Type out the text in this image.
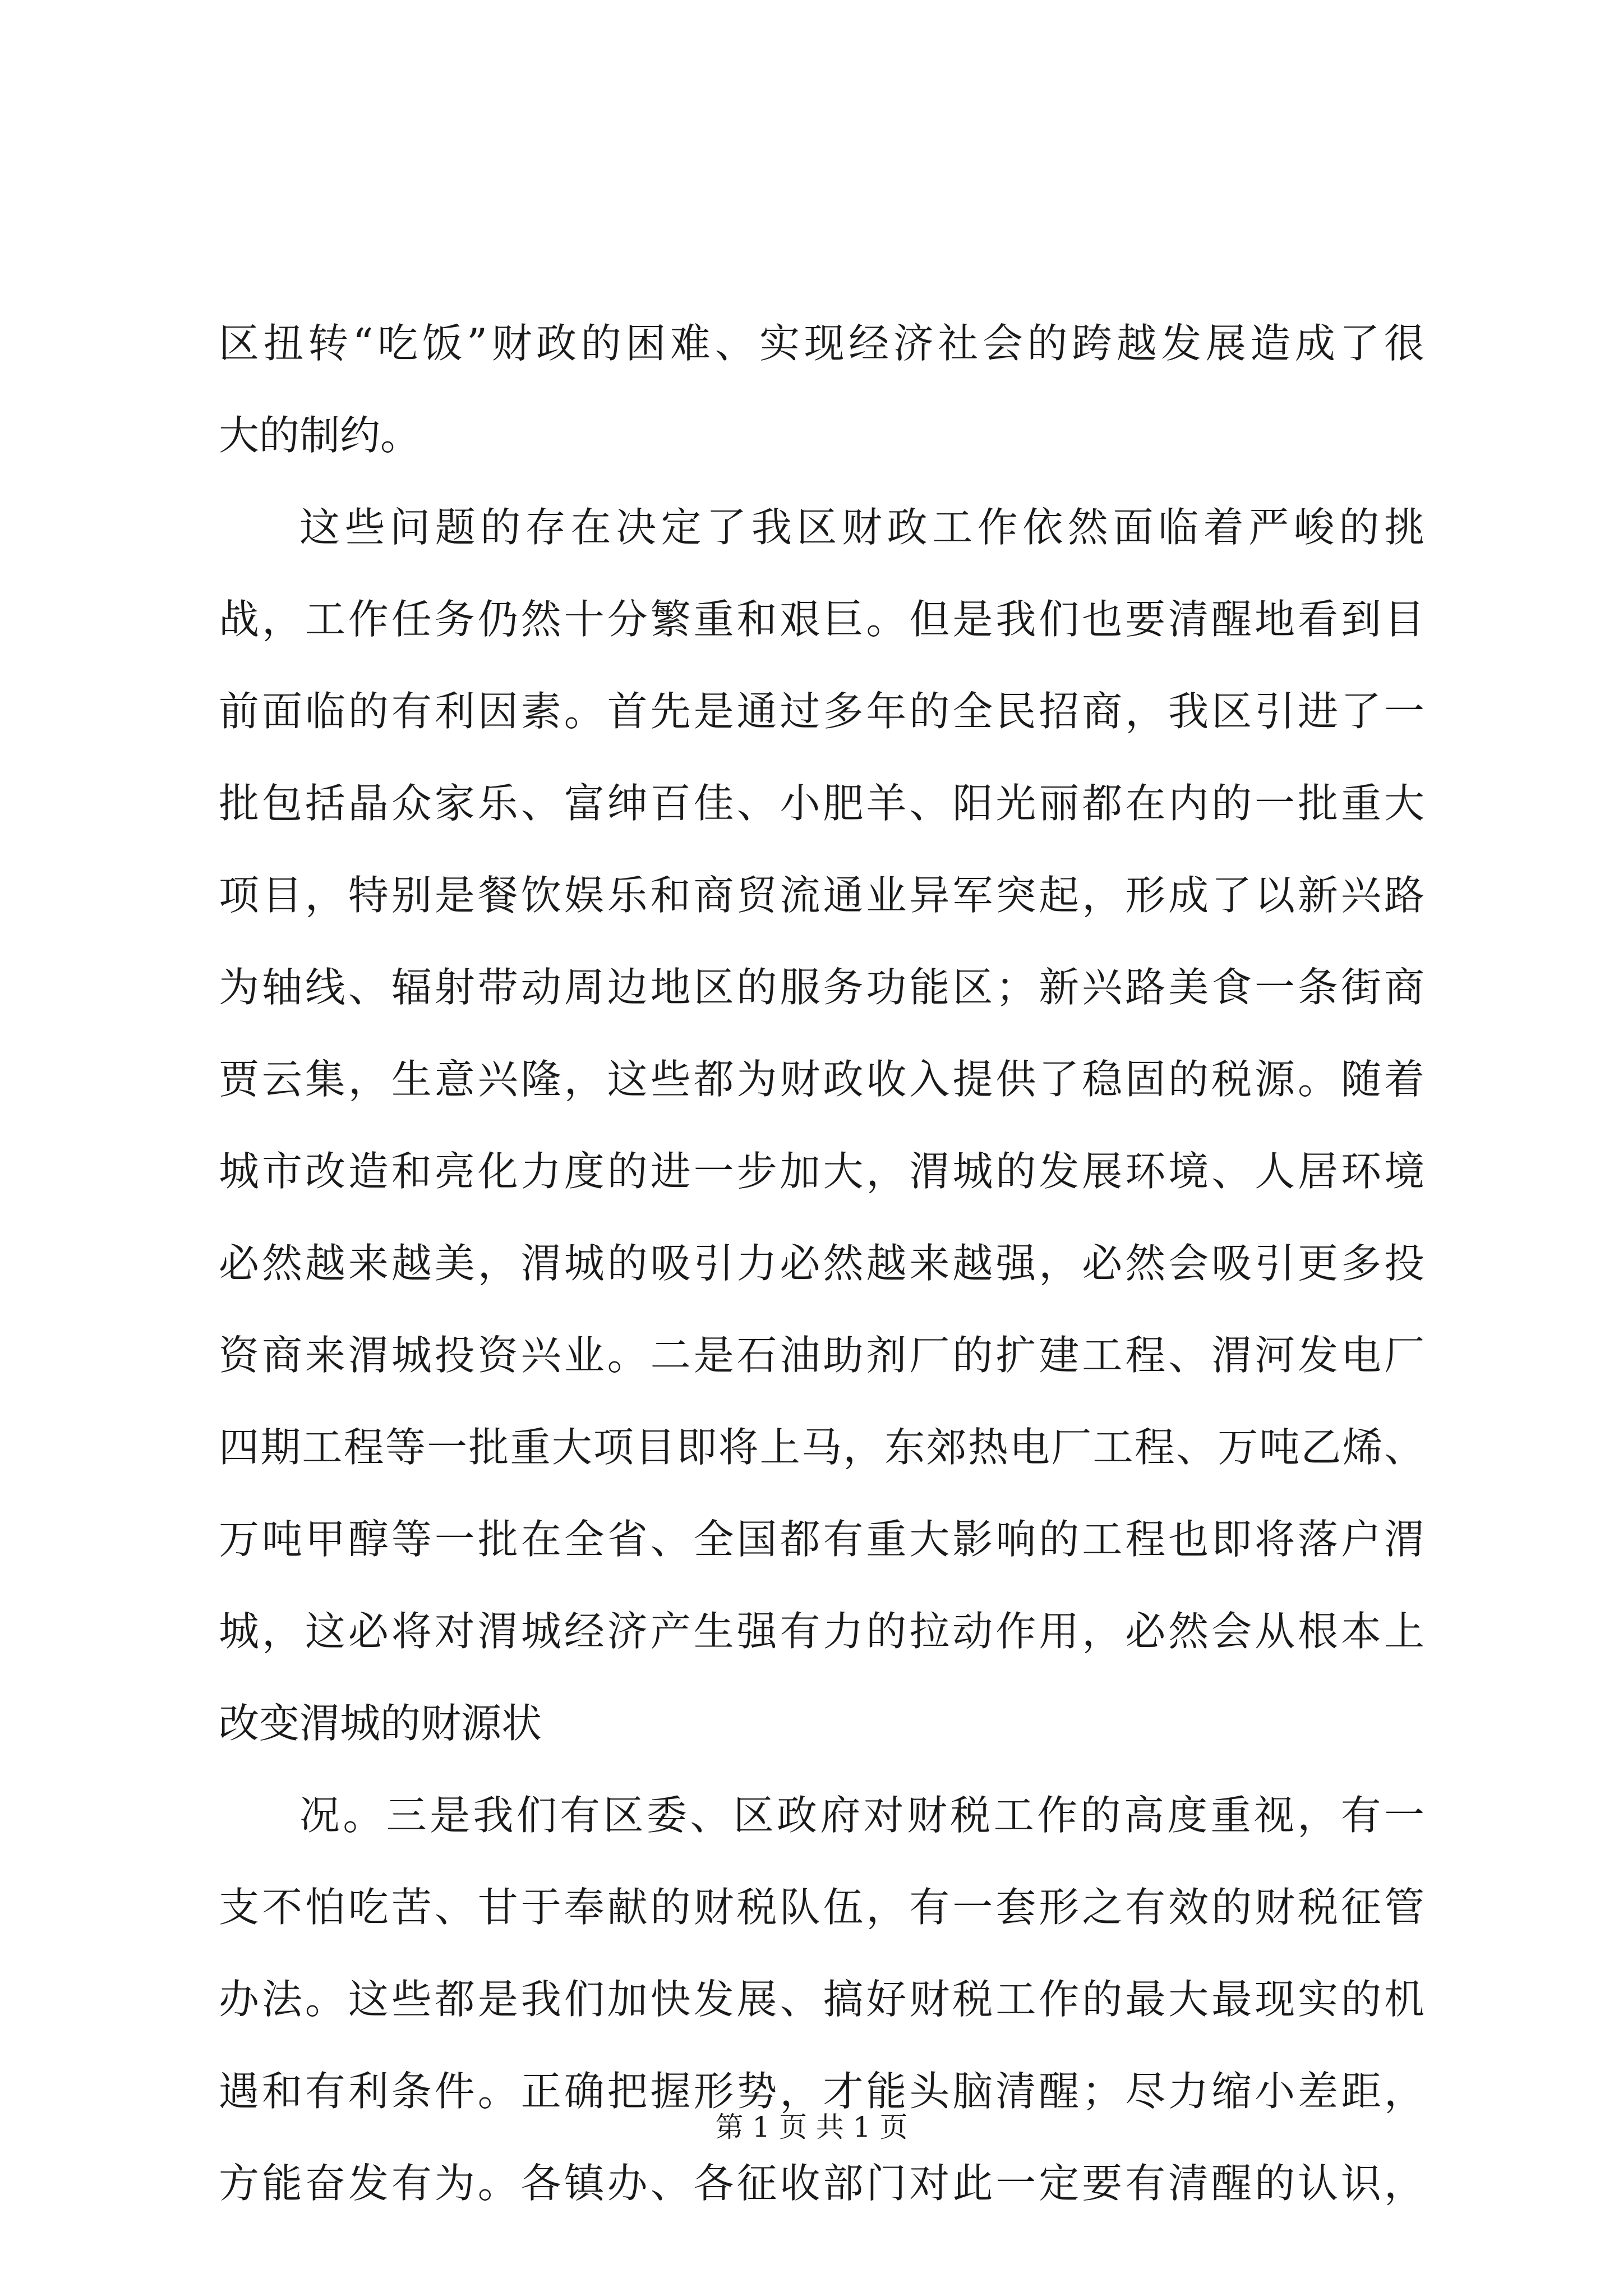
区扭转“吃饭”财政的困难、实现经济社会的跨越发展造成了很
大的制约。
这些问题的存在决定了我区财政工作依然面临着严峻的挑
战，工作任务仍然十分繁重和艰巨。但是我们也要清醒地看到目
前面临的有利因素。首先是通过多年的全民招商，我区引进了一
批包括晶众家乐、富绅百佳、小肥羊、阳光丽都在内的一批重大
项目，特别是餐饮娱乐和商贸流通业异军突起，形成了以新兴路
为轴线、辐射带动周边地区的服务功能区；新兴路美食一条街商
贾云集，生意兴隆，这些都为财政收入提供了稳固的税源。随着
城市改造和亮化力度的进一步加大，渭城的发展环境、人居环境
必然越来越美，渭城的吸引力必然越来越强，必然会吸引更多投
资商来渭城投资兴业。二是石油助剂厂的扩建工程、渭河发电厂
四期工程等一批重大项目即将上马，东郊热电厂工程、万吨乙烯、
万吨甲醇等一批在全省、全国都有重大影响的工程也即将落户渭
城，这必将对渭城经济产生强有力的拉动作用，必然会从根本上
改变渭城的财源状
况。三是我们有区委、区政府对财税工作的高度重视，有一
支不怕吃苦、甘于奉献的财税队伍，有一套形之有效的财税征管
办法。这些都是我们加快发展、搞好财税工作的最大最现实的机
遇和有利条件。正确把握形势，才能头脑清醒；尽力缩小差距，
方能奋发有为。各镇办、各征收部门对此一定要有清醒的认识，
第 1 页 共 1 页
